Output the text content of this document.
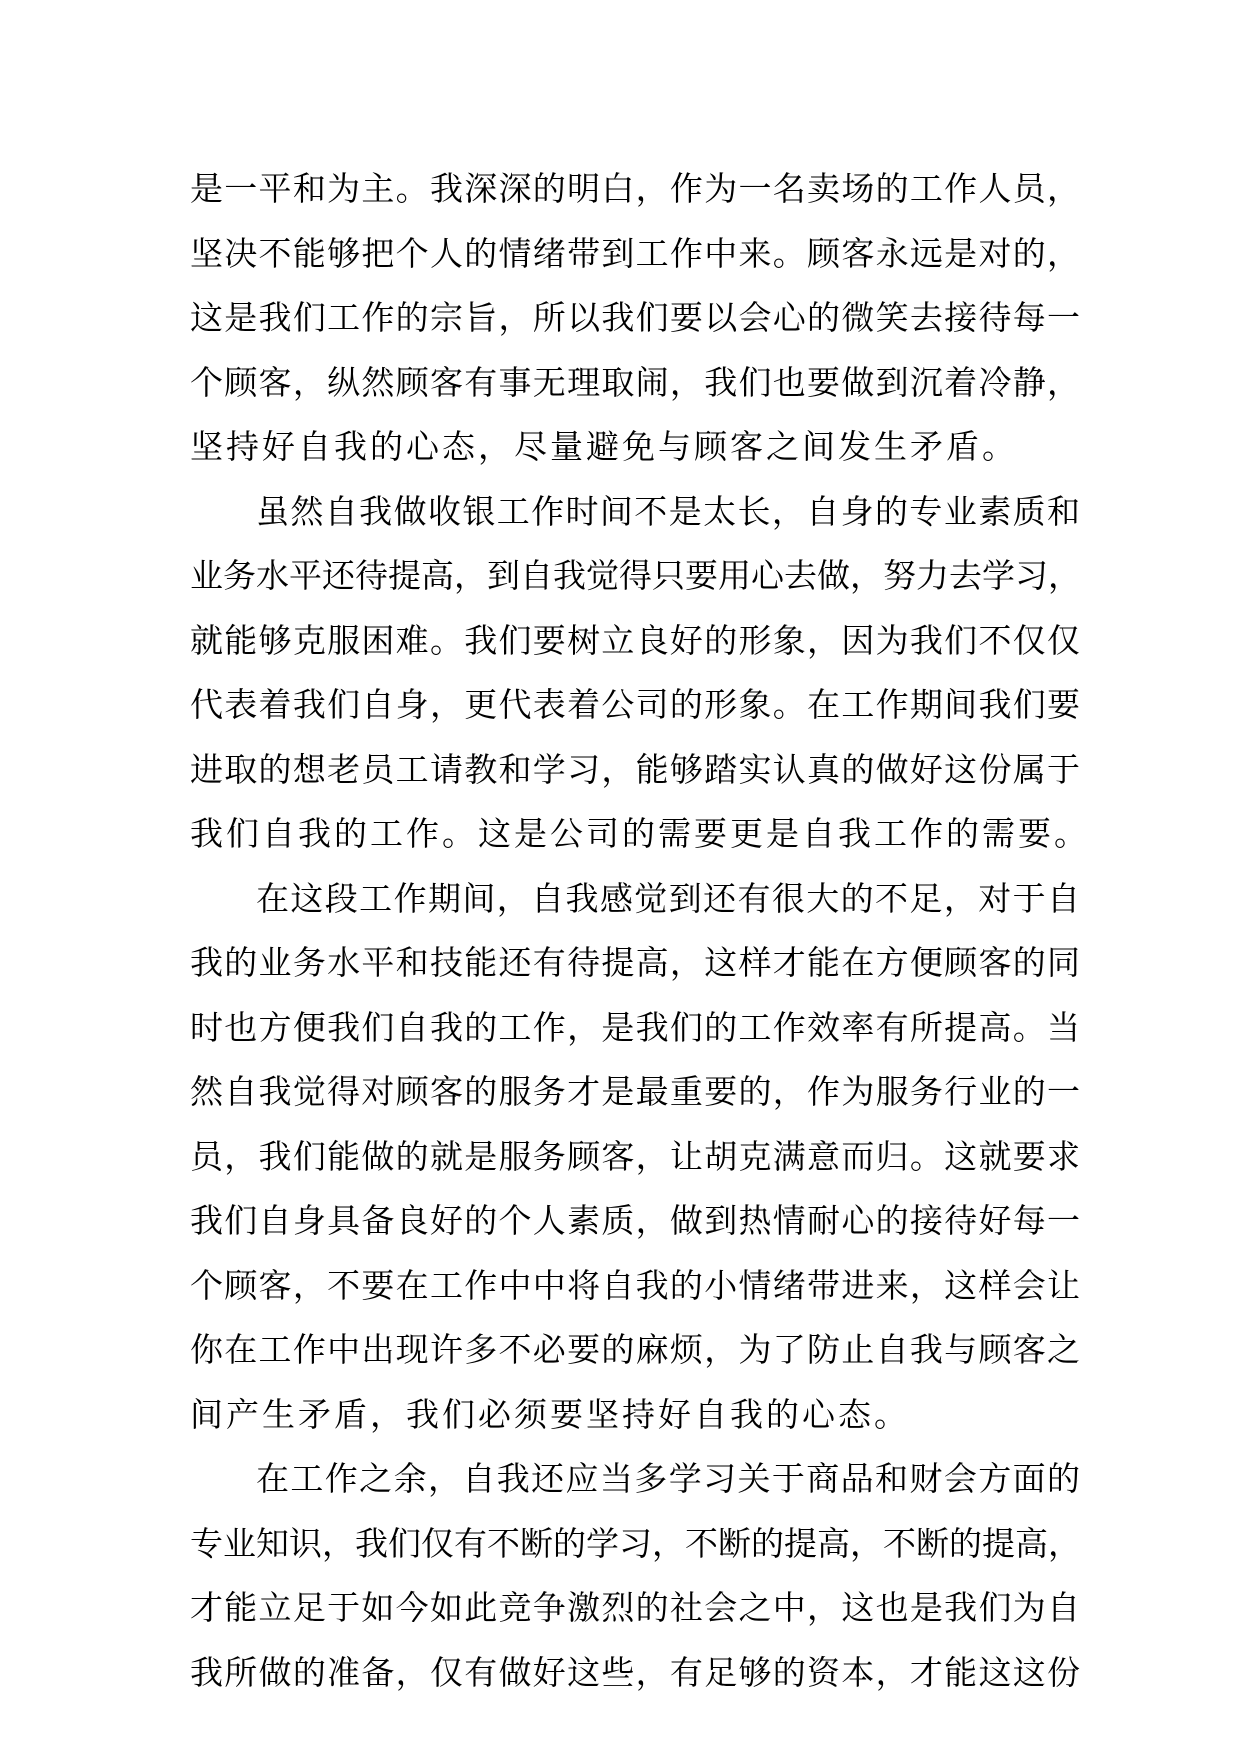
是一平和为主。我深深的明白，作为一名卖场的工作人员，
坚决不能够把个人的情绪带到工作中来。顾客永远是对的，
这是我们工作的宗旨，所以我们要以会心的微笑去接待每一
个顾客，纵然顾客有事无理取闹，我们也要做到沉着冷静，
坚持好自我的心态，尽量避免与顾客之间发生矛盾。
虽然自我做收银工作时间不是太长，自身的专业素质和
业务水平还待提高，到自我觉得只要用心去做，努力去学习，
就能够克服困难。我们要树立良好的形象，因为我们不仅仅
代表着我们自身，更代表着公司的形象。在工作期间我们要
进取的想老员工请教和学习，能够踏实认真的做好这份属于
我们自我的工作。这是公司的需要更是自我工作的需要。
在这段工作期间，自我感觉到还有很大的不足，对于自
我的业务水平和技能还有待提高，这样才能在方便顾客的同
时也方便我们自我的工作，是我们的工作效率有所提高。当
然自我觉得对顾客的服务才是最重要的，作为服务行业的一
员，我们能做的就是服务顾客，让胡克满意而归。这就要求
我们自身具备良好的个人素质，做到热情耐心的接待好每一
个顾客，不要在工作中中将自我的小情绪带进来，这样会让
你在工作中出现许多不必要的麻烦，为了防止自我与顾客之
间产生矛盾，我们必须要坚持好自我的心态。
在工作之余，自我还应当多学习关于商品和财会方面的
专业知识，我们仅有不断的学习，不断的提高，不断的提高，
才能立足于如今如此竞争激烈的社会之中，这也是我们为自
我所做的准备，仅有做好这些，有足够的资本，才能这这份
